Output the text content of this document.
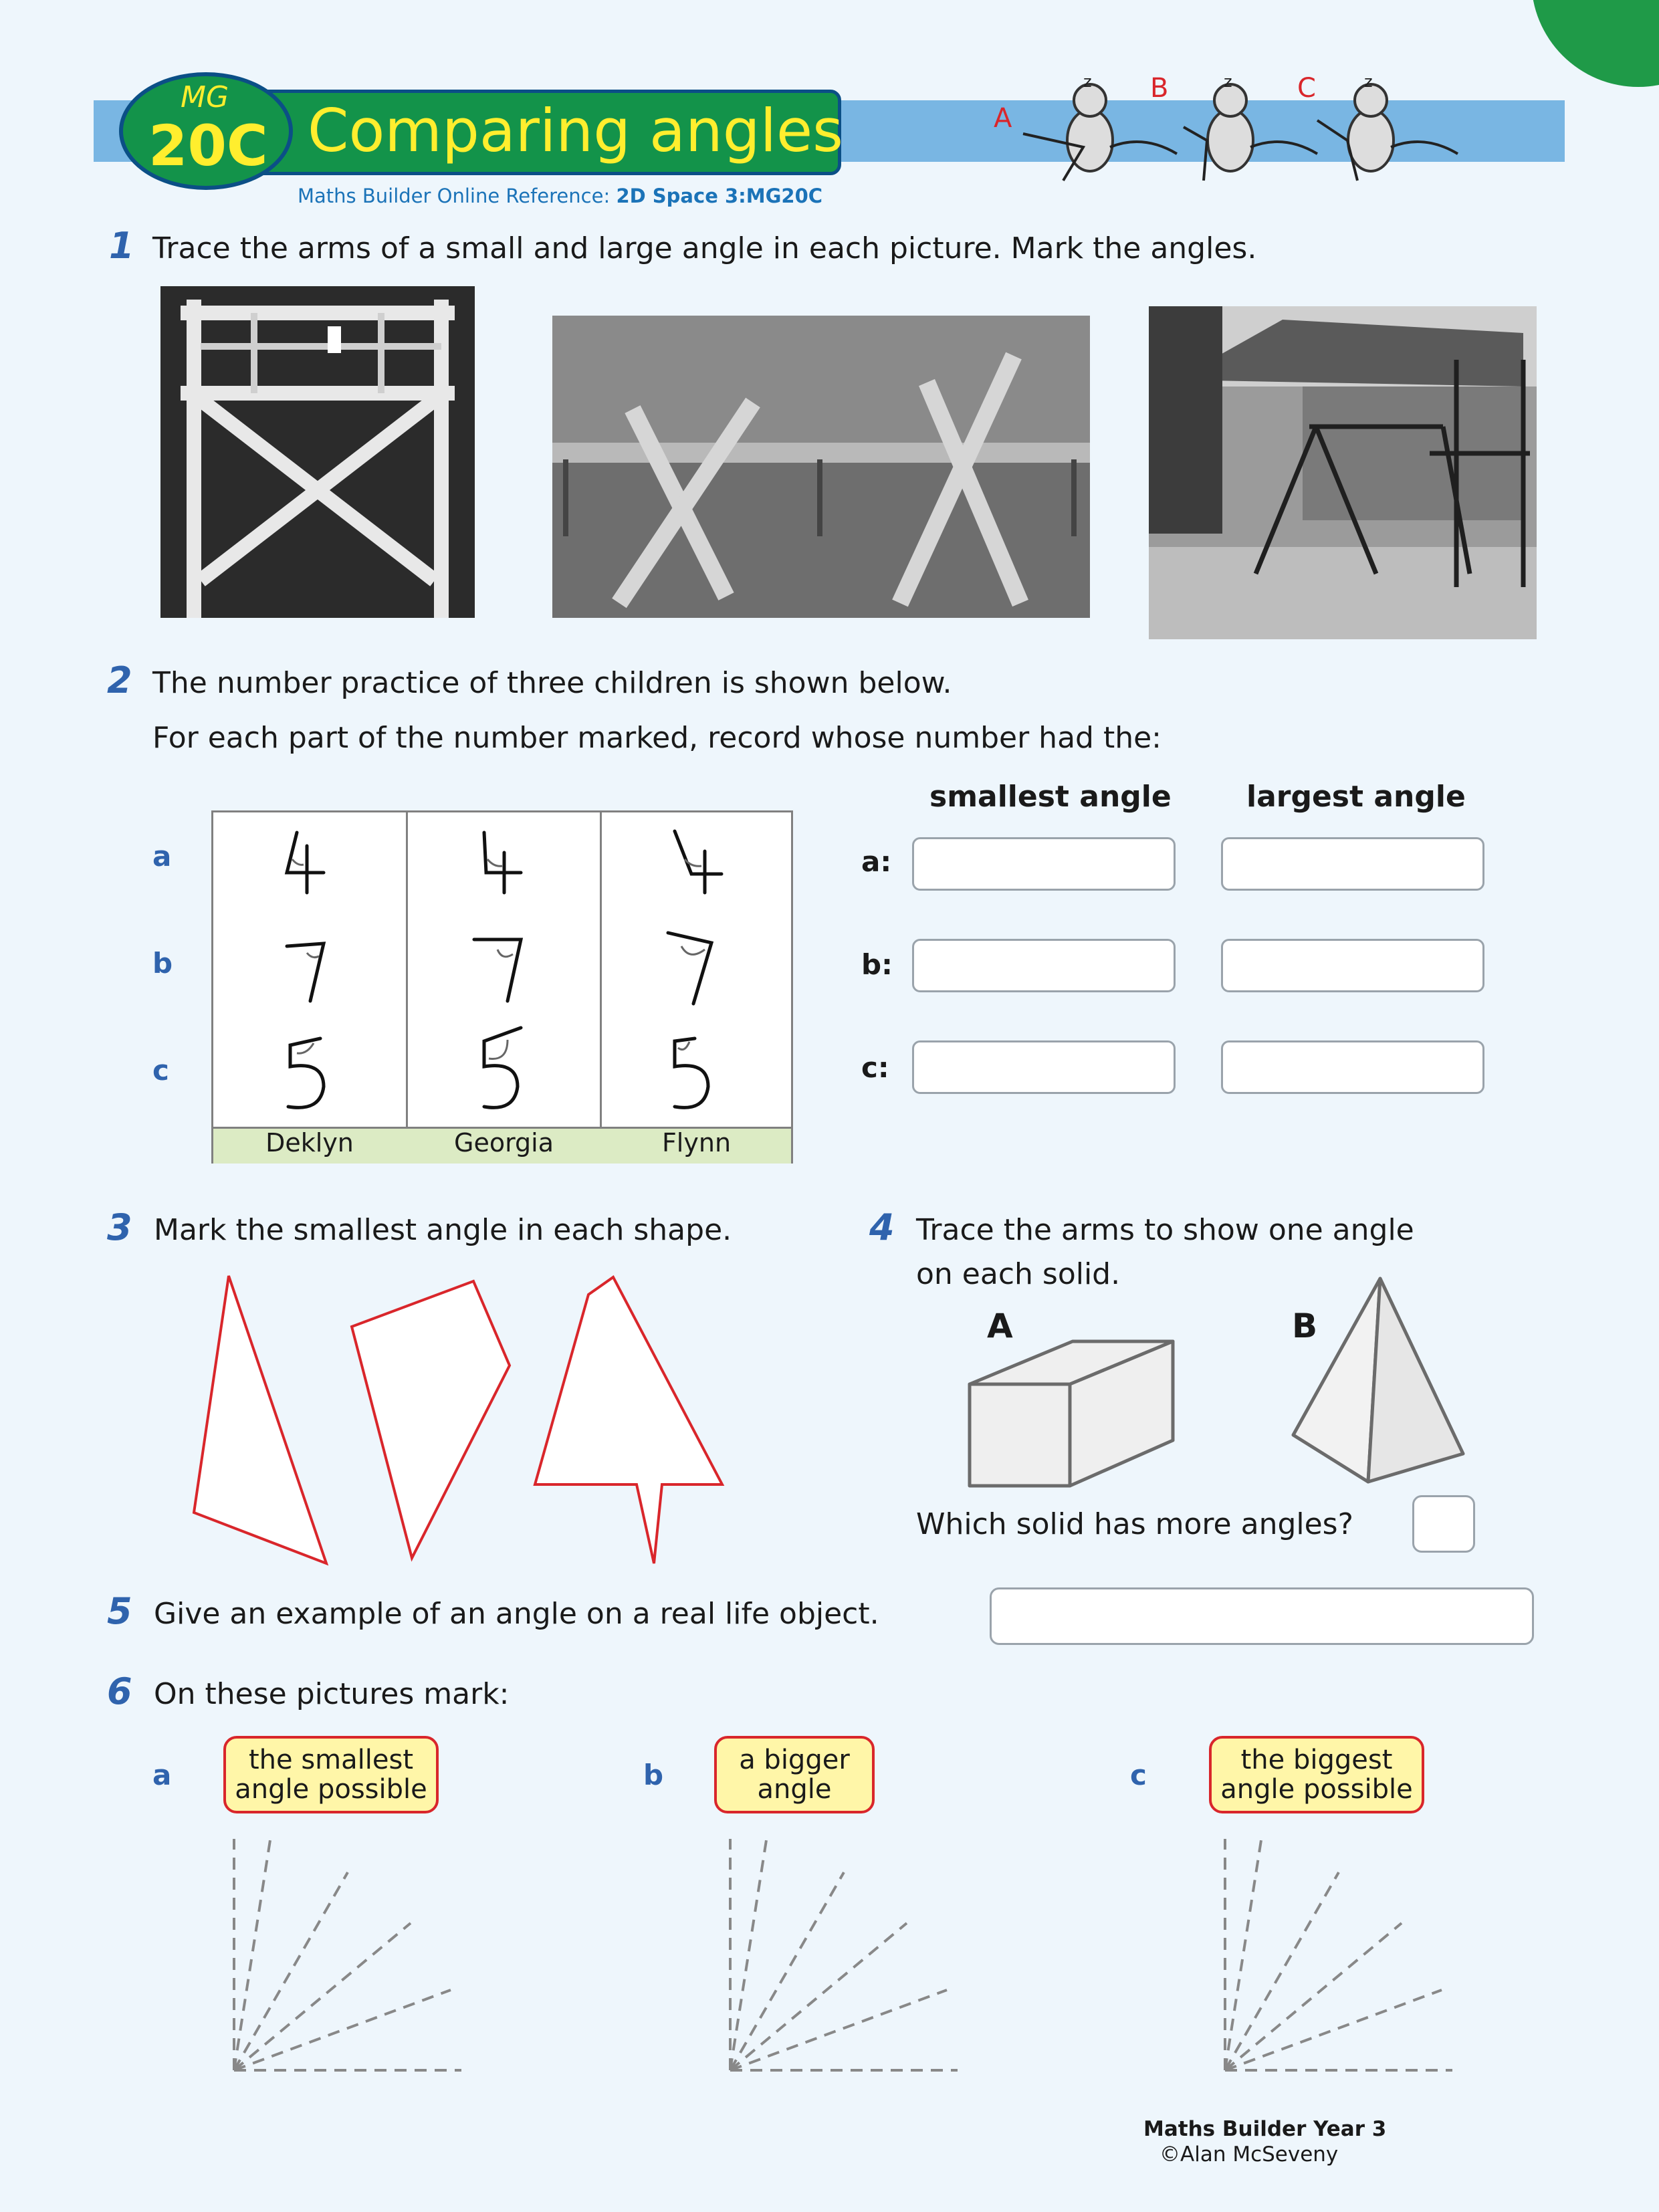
MG
20C Comparing angles
Maths Builder Online Reference: 2D Space 3:MG20C
z	z	z
A
B	C
1 Trace the arms of a small and large angle in each picture. Mark the angles.
2 The number practice of three children is shown below.
For each part of the number marked, record whose number had the:
a
b
c
Deklyn	Georgia	Flynn
smallest angle	largest angle
a:
b:
c:
3 Mark the smallest angle in each shape.	4 Trace the arms to show one angle
on each solid.
A	B
Which solid has more angles?
5 Give an example of an angle on a real life object.
6 On these pictures mark:
a	b	c
the smallest
angle possible
a bigger
angle
the biggest
angle possible
Maths Builder Year 3
©Alan McSeveny
